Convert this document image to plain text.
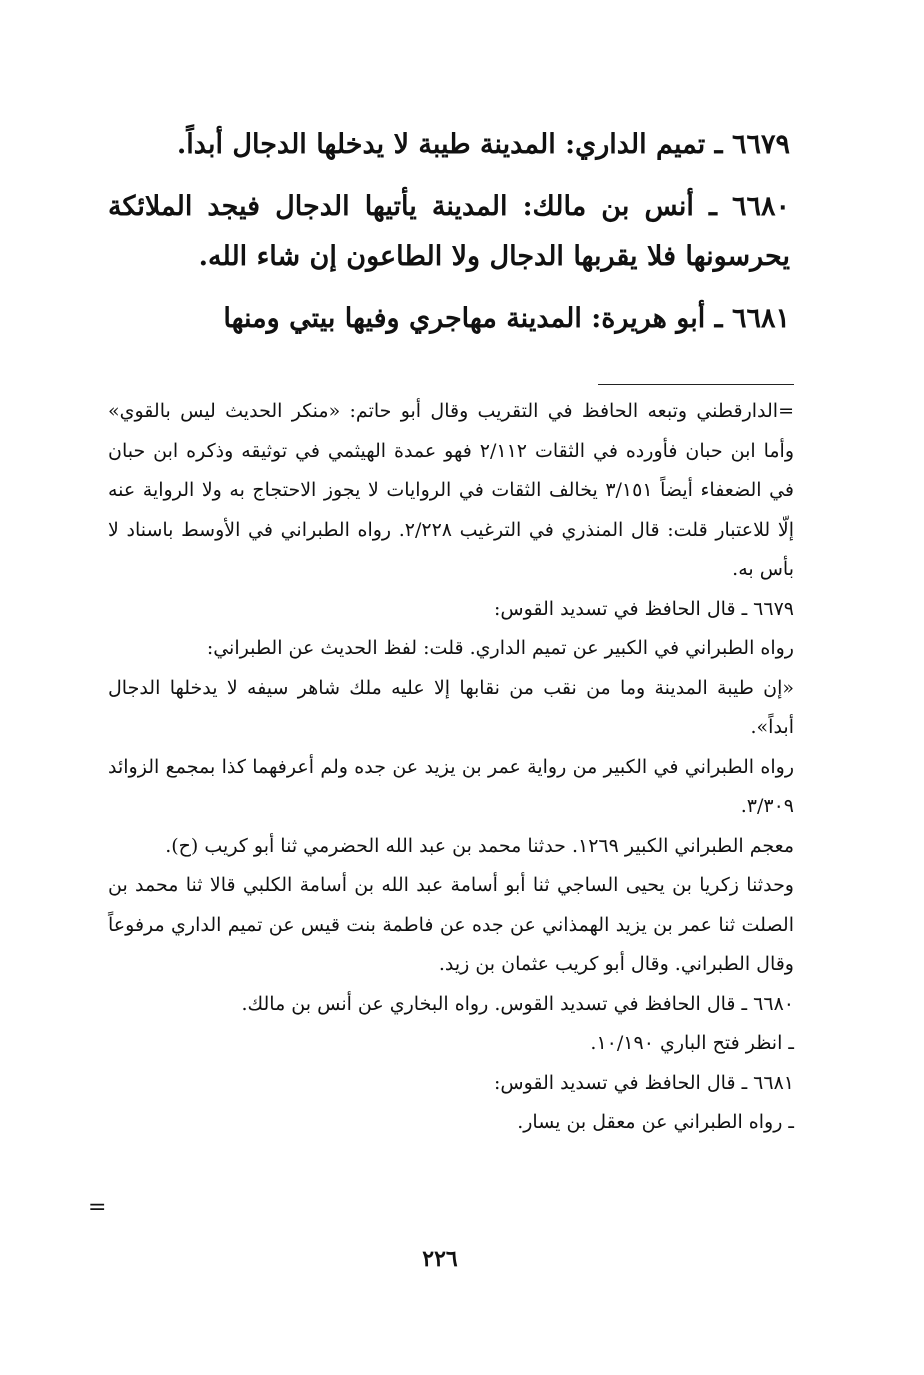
٦٦٧٩ ـ تميم الداري: المدينة طيبة لا يدخلها الدجال أبداً.

٦٦٨٠ ـ أنس بن مالك: المدينة يأتيها الدجال فيجد الملائكة يحرسونها فلا يقربها الدجال ولا الطاعون إن شاء الله.

٦٦٨١ ـ أبو هريرة: المدينة مهاجري وفيها بيتي ومنها

=الدارقطني وتبعه الحافظ في التقريب وقال أبو حاتم: «منكر الحديث ليس بالقوي» وأما ابن حبان فأورده في الثقات ٢/١١٢ فهو عمدة الهيثمي في توثيقه وذكره ابن حبان في الضعفاء أيضاً ٣/١٥١ يخالف الثقات في الروايات لا يجوز الاحتجاج به ولا الرواية عنه إلّا للاعتبار قلت: قال المنذري في الترغيب ٢/٢٢٨. رواه الطبراني في الأوسط باسناد لا بأس به.

٦٦٧٩ ـ قال الحافظ في تسديد القوس:

رواه الطبراني في الكبير عن تميم الداري. قلت: لفظ الحديث عن الطبراني:

«إن طيبة المدينة وما من نقب من نقابها إلا عليه ملك شاهر سيفه لا يدخلها الدجال أبداً».

رواه الطبراني في الكبير من رواية عمر بن يزيد عن جده ولم أعرفهما كذا بمجمع الزوائد ٣/٣٠٩.

معجم الطبراني الكبير ١٢٦٩. حدثنا محمد بن عبد الله الحضرمي ثنا أبو كريب (ح).

وحدثنا زكريا بن يحيى الساجي ثنا أبو أسامة عبد الله بن أسامة الكلبي قالا ثنا محمد بن الصلت ثنا عمر بن يزيد الهمذاني عن جده عن فاطمة بنت قيس عن تميم الداري مرفوعاً وقال الطبراني. وقال أبو كريب عثمان بن زيد.

٦٦٨٠ ـ قال الحافظ في تسديد القوس. رواه البخاري عن أنس بن مالك.

ـ انظر فتح الباري ١٠/١٩٠.

٦٦٨١ ـ قال الحافظ في تسديد القوس:

ـ رواه الطبراني عن معقل بن يسار.

=
٢٢٦
